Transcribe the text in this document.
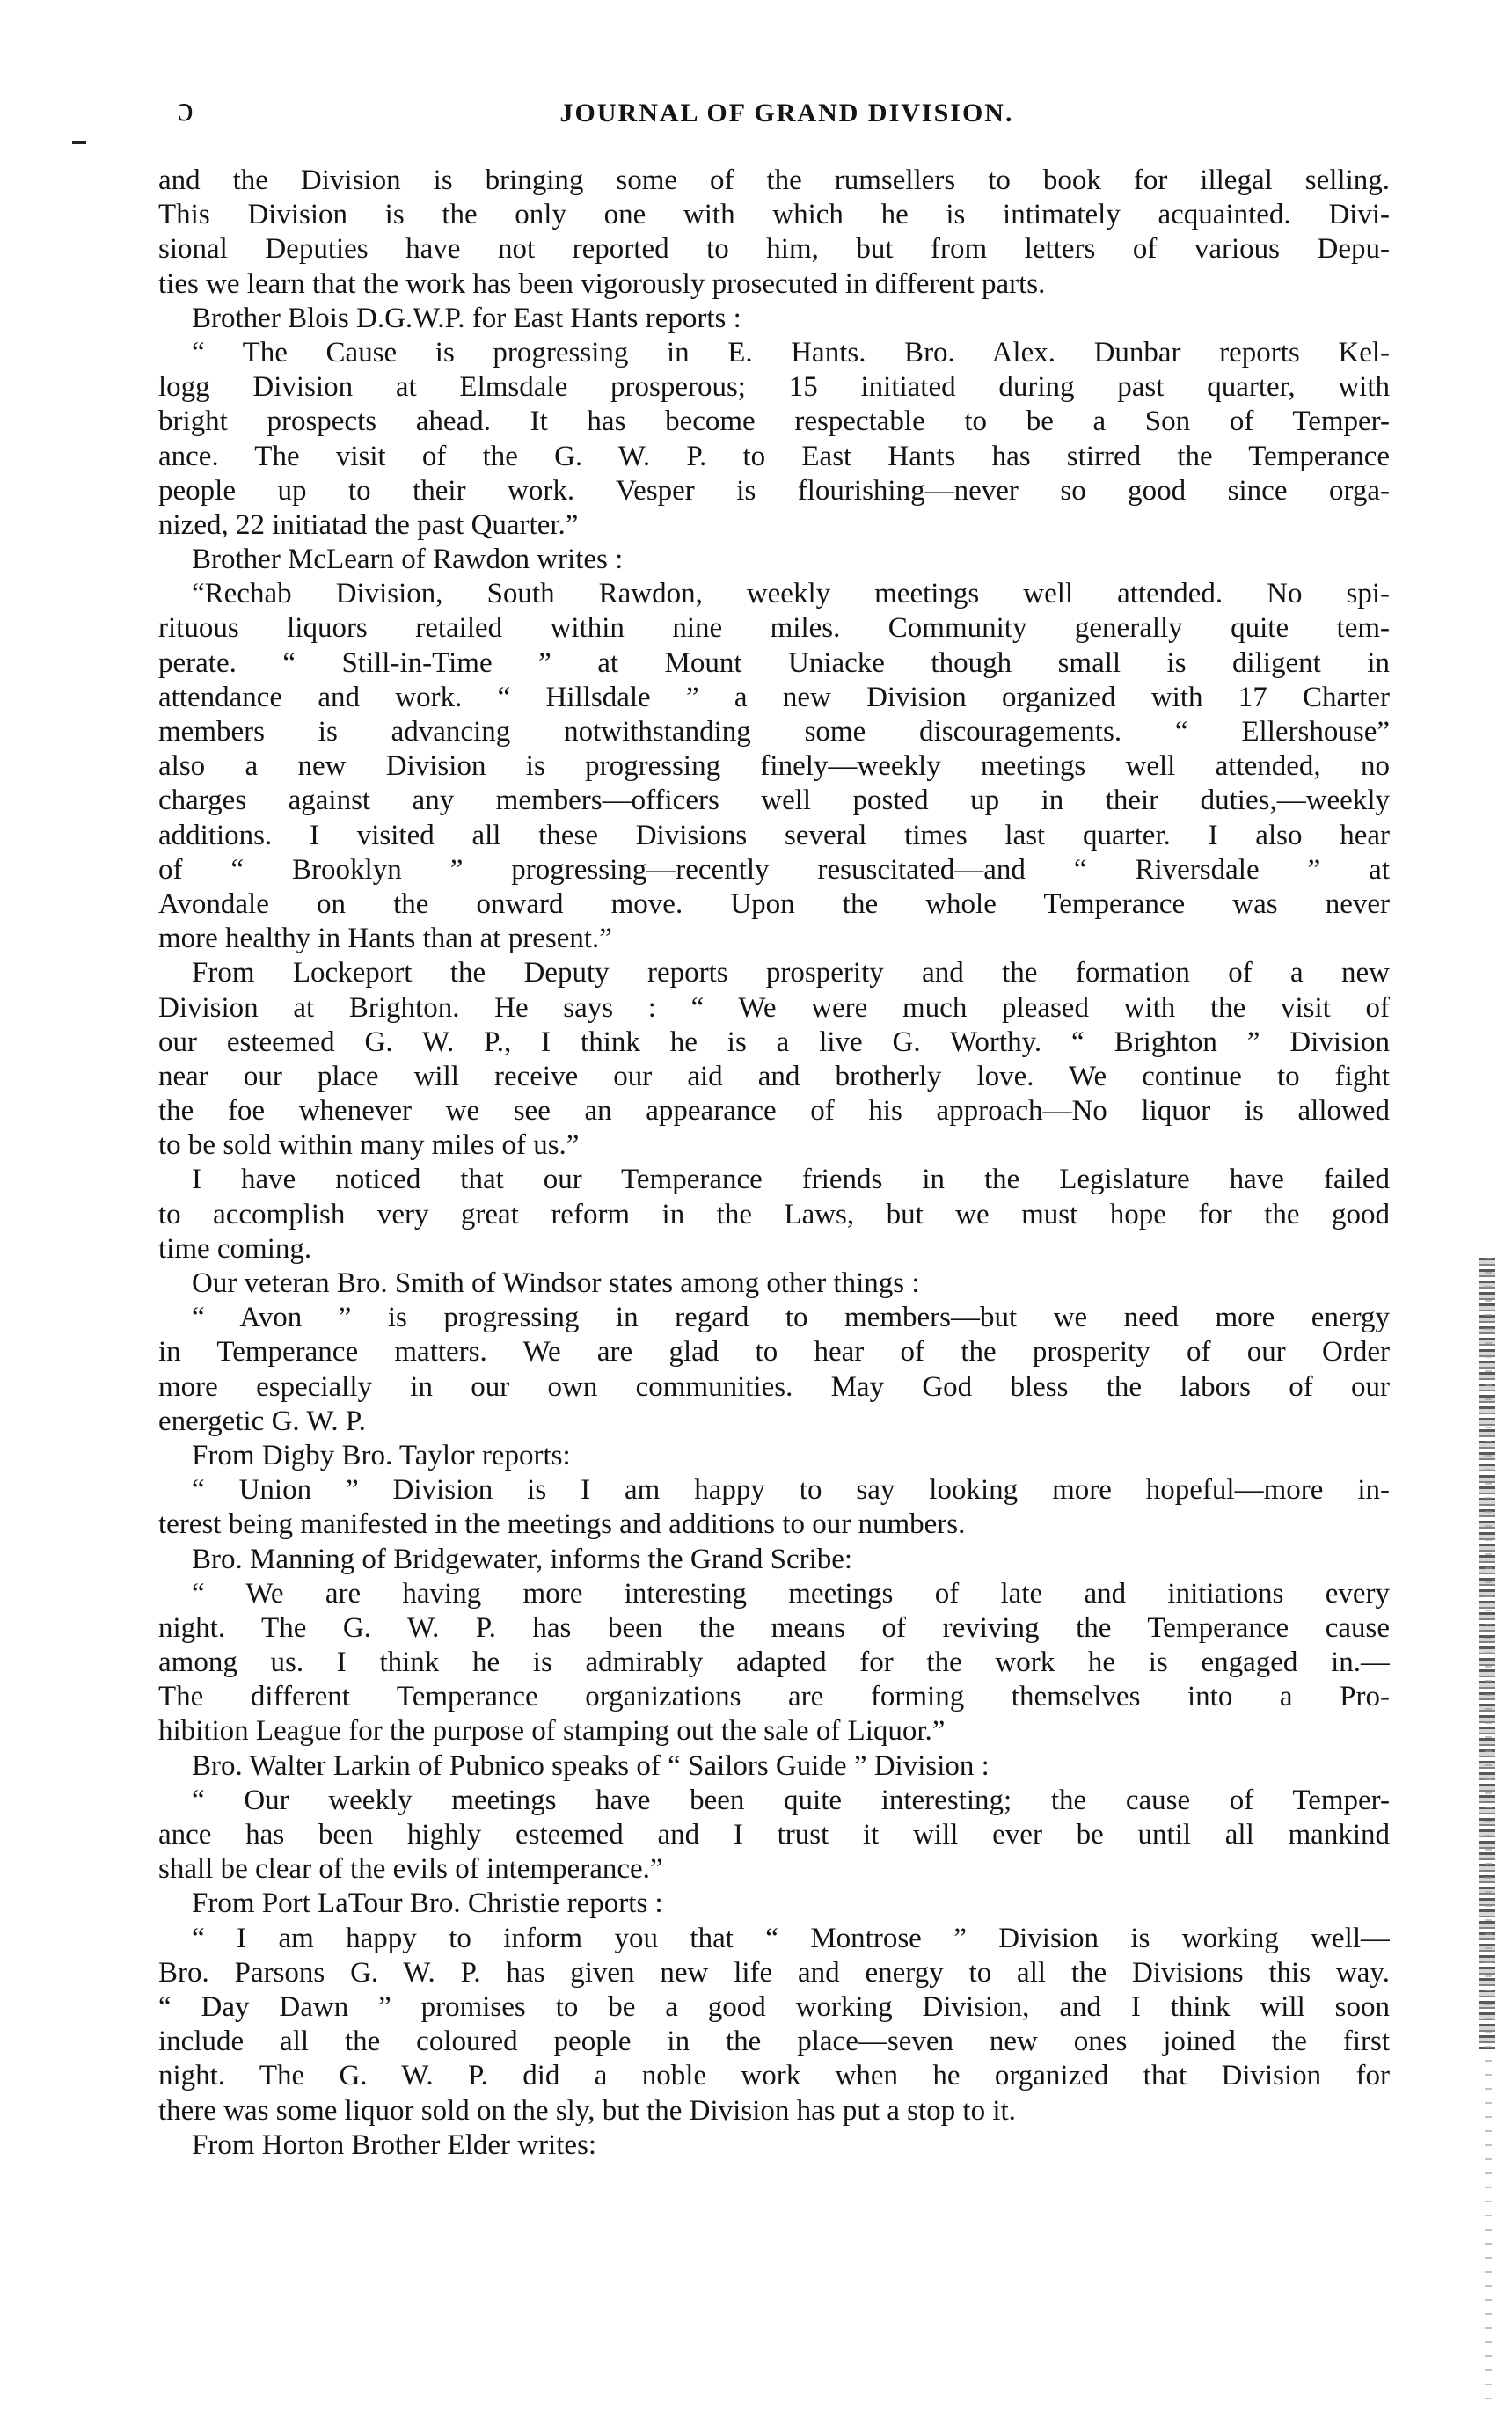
ɔ	JOURNAL OF GRAND DIVISION.
and the Division is bringing some of the rumsellers to book for illegal selling.
This Division is the only one with which he is intimately acquainted. Divi-
sional Deputies have not reported to him, but from letters of various Depu-
ties we learn that the work has been vigorously prosecuted in different parts.
Brother Blois D.G.W.P. for East Hants reports :
“ The Cause is progressing in E. Hants. Bro. Alex. Dunbar reports Kel-
logg Division at Elmsdale prosperous; 15 initiated during past quarter, with
bright prospects ahead. It has become respectable to be a Son of Temper-
ance. The visit of the G. W. P. to East Hants has stirred the Temperance
people up to their work. Vesper is flourishing—never so good since orga-
nized, 22 initiatad the past Quarter.”
Brother McLearn of Rawdon writes :
“Rechab Division, South Rawdon, weekly meetings well attended. No spi-
rituous liquors retailed within nine miles. Community generally quite tem-
perate. “ Still-in-Time ” at Mount Uniacke though small is diligent in
attendance and work. “ Hillsdale ” a new Division organized with 17 Charter
members is advancing notwithstanding some discouragements. “ Ellershouse”
also a new Division is progressing finely—weekly meetings well attended, no
charges against any members—officers well posted up in their duties,—weekly
additions. I visited all these Divisions several times last quarter. I also hear
of “ Brooklyn ” progressing—recently resuscitated—and “ Riversdale ” at
Avondale on the onward move. Upon the whole Temperance was never
more healthy in Hants than at present.”
From Lockeport the Deputy reports prosperity and the formation of a new
Division at Brighton. He says : “ We were much pleased with the visit of
our esteemed G. W. P., I think he is a live G. Worthy. “ Brighton ” Division
near our place will receive our aid and brotherly love. We continue to fight
the foe whenever we see an appearance of his approach—No liquor is allowed
to be sold within many miles of us.”
I have noticed that our Temperance friends in the Legislature have failed
to accomplish very great reform in the Laws, but we must hope for the good
time coming.
Our veteran Bro. Smith of Windsor states among other things :
“ Avon ” is progressing in regard to members—but we need more energy
in Temperance matters. We are glad to hear of the prosperity of our Order
more especially in our own communities. May God bless the labors of our
energetic G. W. P.
From Digby Bro. Taylor reports:
“ Union ” Division is I am happy to say looking more hopeful—more in-
terest being manifested in the meetings and additions to our numbers.
Bro. Manning of Bridgewater, informs the Grand Scribe:
“ We are having more interesting meetings of late and initiations every
night. The G. W. P. has been the means of reviving the Temperance cause
among us. I think he is admirably adapted for the work he is engaged in.—
The different Temperance organizations are forming themselves into a Pro-
hibition League for the purpose of stamping out the sale of Liquor.”
Bro. Walter Larkin of Pubnico speaks of “ Sailors Guide ” Division :
“ Our weekly meetings have been quite interesting; the cause of Temper-
ance has been highly esteemed and I trust it will ever be until all mankind
shall be clear of the evils of intemperance.”
From Port LaTour Bro. Christie reports :
“ I am happy to inform you that “ Montrose ” Division is working well—
Bro. Parsons G. W. P. has given new life and energy to all the Divisions this way.
“ Day Dawn ” promises to be a good working Division, and I think will soon
include all the coloured people in the place—seven new ones joined the first
night. The G. W. P. did a noble work when he organized that Division for
there was some liquor sold on the sly, but the Division has put a stop to it.
From Horton Brother Elder writes:
